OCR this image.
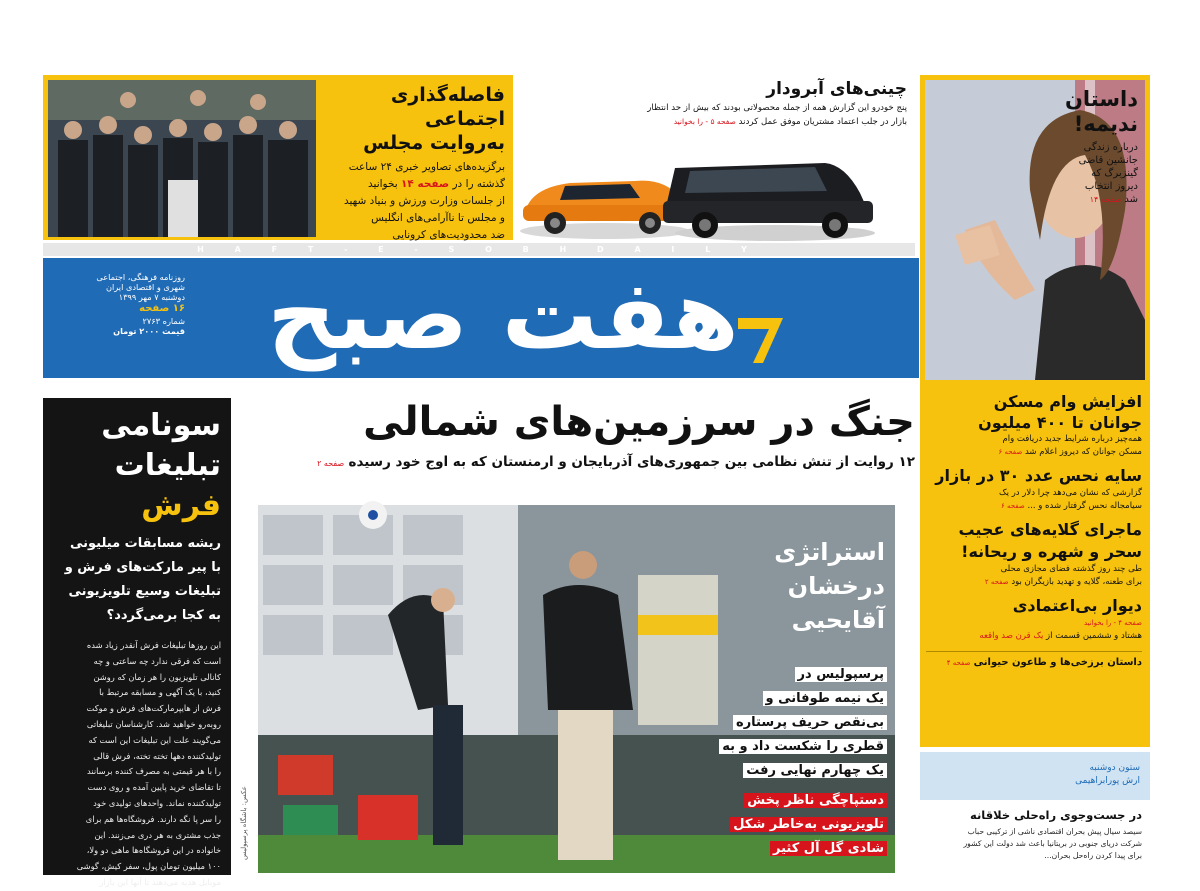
فاصله‌گذاری اجتماعی
به‌روایت مجلس
برگزیده‌های تصاویر خبری ۲۴ ساعت
گذشته را در صفحه ۱۴ بخوانید
از جلسات وزارت ورزش و بنیاد شهید
و مجلس تا ناآرامی‌های انگلیس
ضد محدودیت‌های کرونایی
چینی‌های آبرودار
پنج خودرو این گزارش همه از جمله محصولاتی بودند که بیش از حد انتظار
بازار در جلب اعتماد مشتریان موفق عمل کردند صفحه ۵ - را بخوانید
داستان
ندیمه!
درباره زندگی
جانشین قاضی
گینزبرگ که
دیروز انتخاب
شد صفحه ۱۴
H A F T - E - S O B H D A I L Y
روزنامه فرهنگی، اجتماعی
شهری و اقتصادی ایران
دوشنبه ۷ مهر ۱۳۹۹
۱۶ صفحه
شماره ۲۷۶۳
قیمت ۲۰۰۰ تومان هفت صبح
جنگ در سرزمین‌های شمالی
۱۲ روایت از تنش نظامی بین جمهوری‌های آذربایجان و ارمنستان که به اوج خود رسیده صفحه ۲
سونامی
تبلیغات فرش
ریشه مسابقات میلیونی
با پیر مارکت‌های فرش و
تبلیغات وسیع تلویزیونی
به کجا برمی‌گردد؟
این روزها تبلیغات فرش آنقدر زیاد شده
است که فرقی ندارد چه ساعتی و چه
کانالی تلویزیون را هر زمان که روشن
کنید، با یک آگهی و مسابقه مرتبط با
فرش از هایپرمارکت‌های فرش و موکت
روبه‌رو خواهید شد. کارشناسان تبلیغاتی
می‌گویند علت این تبلیغات این است که
تولیدکننده دهها تخته تخته، فرش قالی
را با هر قیمتی به مصرف کننده برسانند
تا تقاضای خرید پایین آمده و روی دست
تولیدکننده نماند. واحدهای تولیدی خود
را سر پا نگه دارند. فروشگاه‌ها هم برای
جذب مشتری به هر دری می‌زنند. این
خانواده در این فروشگاه‌ها ماهی دو ولا،
۱۰۰ میلیون تومان پول، سفر کیش، گوشی
موبایل هدیه می‌دهند تا آنها این بازار
استراتژی
درخشان
آقایحیی
پرسپولیس در
یک نیمه طوفانی و
بی‌نقص حریف پرستاره
قطری را شکست داد و به
یک چهارم نهایی رفت
دستپاچگی ناظر پخش
تلویزیونی به‌خاطر شکل
شادی گل آل کثیر
عکس: باشگاه پرسپولیس
افزایش وام مسکن
جوانان تا ۴۰۰ میلیون
همه‌چیز درباره شرایط جدید دریافت وام
مسکن جوانان که دیروز اعلام شد صفحه ۶
سایه نحس عدد ۳۰ در بازار
گزارشی که نشان می‌دهد چرا دلار در یک
سیامجاله نحس گرفتار شده و ... صفحه ۶
ماجرای گلایه‌های عجیب
سحر و شهره و ریحانه!
طی چند روز گذشته فضای مجازی محلی
برای طعنه، گلایه و تهدید بازیگران بود صفحه ۲
دیوار بی‌اعتمادی
صفحه ۴ - را بخوانید
هشتاد و ششمین قسمت از یک قرن صد واقعه
داستان برزخی‌ها و طاعون حیوانی صفحه ۴
ستون دوشنبه
ارش پورابراهیمی
در جست‌وجوی راه‌حلی خلاقانه
سیصد سیال پیش بحران اقتصادی ناشی از ترکیبی حباب
شرکت دریای جنوبی در بریتانیا باعث شد دولت این کشور
برای پیدا کردن راه‌حل بحران...
